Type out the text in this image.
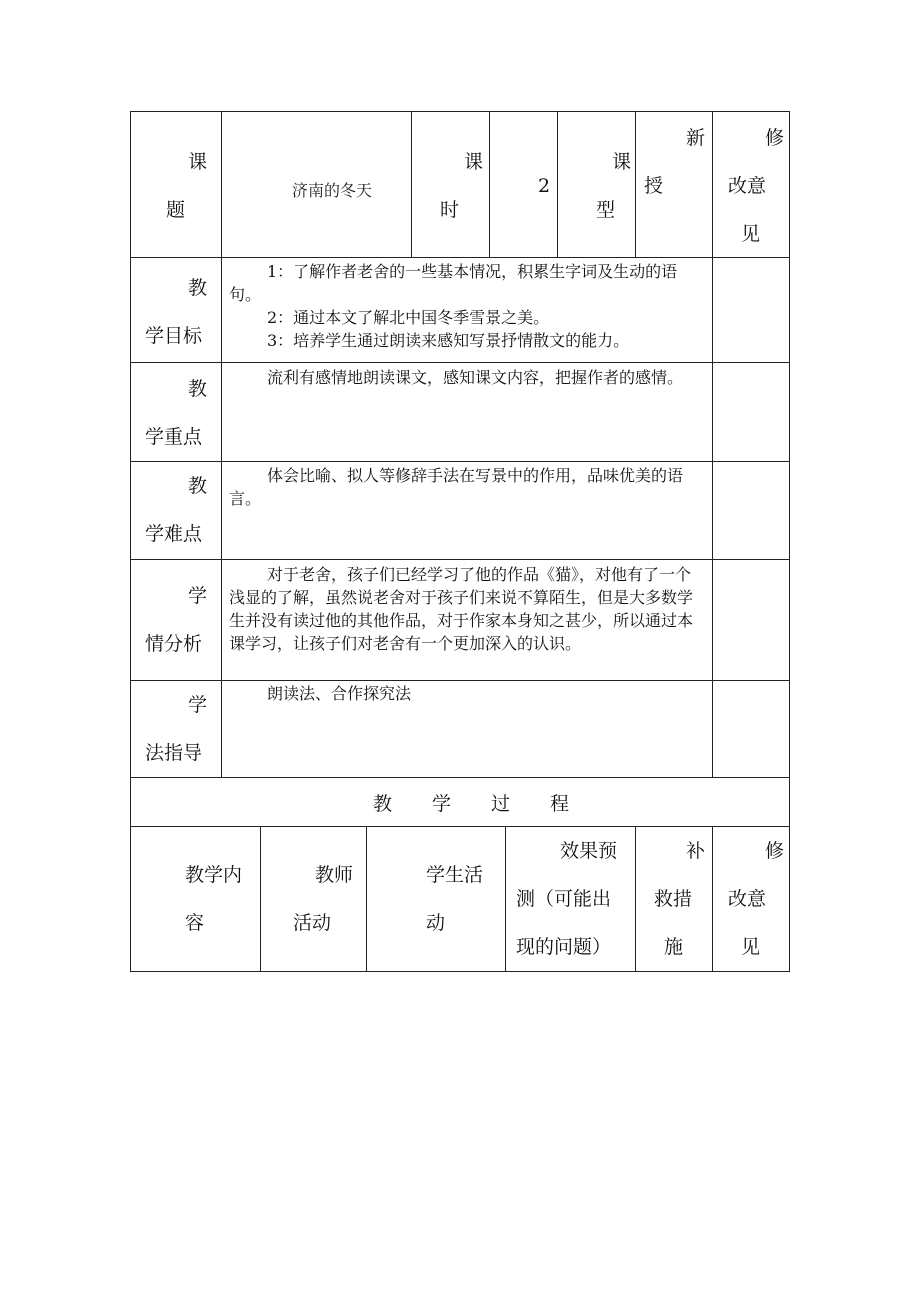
课
题
济南的冬天
课
时
2
课
型
新
授
修
改意
见
教
学目标

1：了解作者老舍的一些基本情况，积累生字词及生动的语句。

2：通过本文了解北中国冬季雪景之美。

3：培养学生通过朗读来感知写景抒情散文的能力。

教
学重点

流利有感情地朗读课文，感知课文内容，把握作者的感情。

教
学难点

体会比喻、拟人等修辞手法在写景中的作用，品味优美的语言。

学
情分析

对于老舍，孩子们已经学习了他的作品《猫》，对他有了一个浅显的了解，虽然说老舍对于孩子们来说不算陌生，但是大多数学生并没有读过他的其他作品，对于作家本身知之甚少，所以通过本课学习，让孩子们对老舍有一个更加深入的认识。

学
法指导

朗读法、合作探究法

教学过程
教学内
容
教师
活动
学生活
动
效果预
测（可能出
现的问题）
补
救措
施
修
改意
见
